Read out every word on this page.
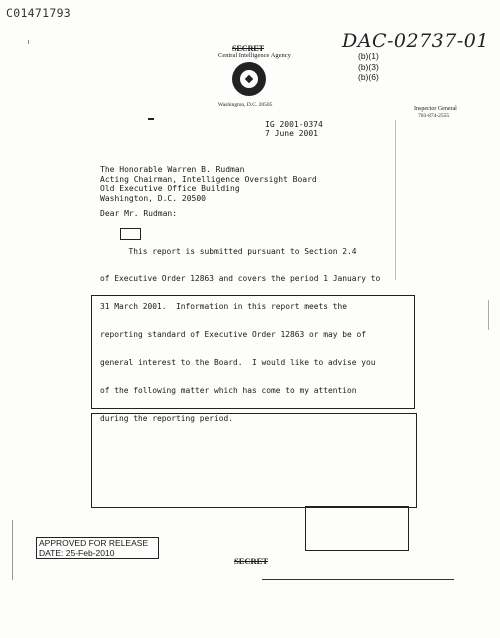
C01471793
DAC-02737-01
(b)(1)
(b)(3)
(b)(6)
SECRET
Central Intelligence Agency
Washington, D.C. 20505
Inspector General
703-874-2555
IG 2001-0374
7 June 2001
The Honorable Warren B. Rudman
Acting Chairman, Intelligence Oversight Board
Old Executive Office Building
Washington, D.C. 20500
Dear Mr. Rudman:

This report is submitted pursuant to Section 2.4

of Executive Order 12863 and covers the period 1 January to

31 March 2001.  Information in this report meets the

reporting standard of Executive Order 12863 or may be of

general interest to the Board.  I would like to advise you

of the following matter which has come to my attention

during the reporting period.

APPROVED FOR RELEASE
DATE: 25-Feb-2010
SECRET
